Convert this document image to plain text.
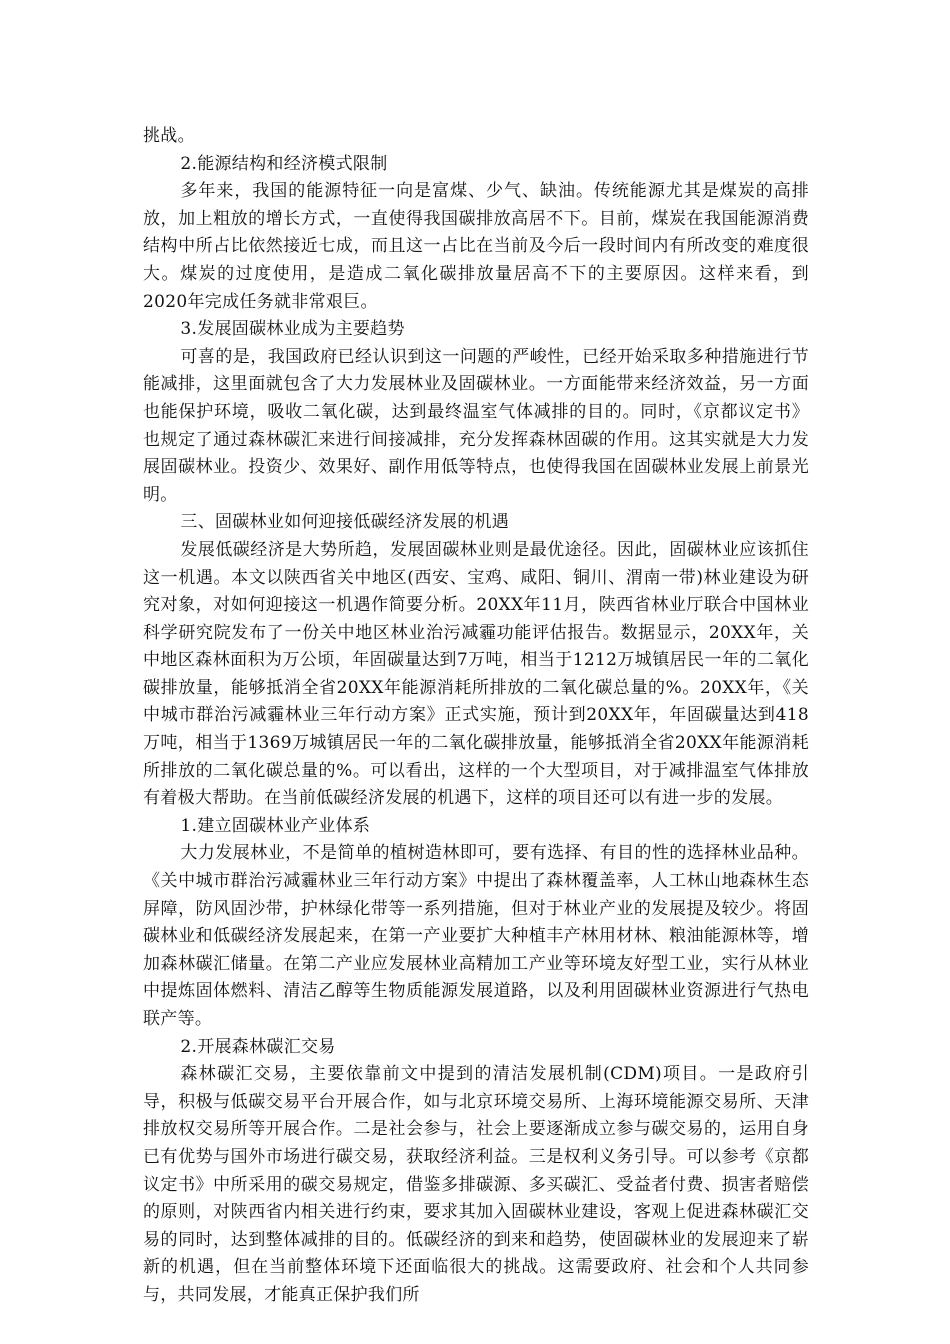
挑战。

2.能源结构和经济模式限制

多年来，我国的能源特征一向是富煤、少气、缺油。传统能源尤其是煤炭的高排放，加上粗放的增长方式，一直使得我国碳排放高居不下。目前，煤炭在我国能源消费结构中所占比依然接近七成，而且这一占比在当前及今后一段时间内有所改变的难度很大。煤炭的过度使用，是造成二氧化碳排放量居高不下的主要原因。这样来看，到2020年完成任务就非常艰巨。

3.发展固碳林业成为主要趋势

可喜的是，我国政府已经认识到这一问题的严峻性，已经开始采取多种措施进行节能减排，这里面就包含了大力发展林业及固碳林业。一方面能带来经济效益，另一方面也能保护环境，吸收二氧化碳，达到最终温室气体减排的目的。同时，《京都议定书》也规定了通过森林碳汇来进行间接减排，充分发挥森林固碳的作用。这其实就是大力发展固碳林业。投资少、效果好、副作用低等特点，也使得我国在固碳林业发展上前景光明。

三、固碳林业如何迎接低碳经济发展的机遇

发展低碳经济是大势所趋，发展固碳林业则是最优途径。因此，固碳林业应该抓住这一机遇。本文以陕西省关中地区(西安、宝鸡、咸阳、铜川、渭南一带)林业建设为研究对象，对如何迎接这一机遇作简要分析。20XX年11月，陕西省林业厅联合中国林业科学研究院发布了一份关中地区林业治污减霾功能评估报告。数据显示，20XX年，关中地区森林面积为万公顷，年固碳量达到7万吨，相当于1212万城镇居民一年的二氧化碳排放量，能够抵消全省20XX年能源消耗所排放的二氧化碳总量的%。20XX年，《关中城市群治污减霾林业三年行动方案》正式实施，预计到20XX年，年固碳量达到418万吨，相当于1369万城镇居民一年的二氧化碳排放量，能够抵消全省20XX年能源消耗所排放的二氧化碳总量的%。可以看出，这样的一个大型项目，对于减排温室气体排放有着极大帮助。在当前低碳经济发展的机遇下，这样的项目还可以有进一步的发展。

1.建立固碳林业产业体系

大力发展林业，不是简单的植树造林即可，要有选择、有目的性的选择林业品种。《关中城市群治污减霾林业三年行动方案》中提出了森林覆盖率，人工林山地森林生态屏障，防风固沙带，护林绿化带等一系列措施，但对于林业产业的发展提及较少。将固碳林业和低碳经济发展起来，在第一产业要扩大种植丰产林用材林、粮油能源林等，增加森林碳汇储量。在第二产业应发展林业高精加工产业等环境友好型工业，实行从林业中提炼固体燃料、清洁乙醇等生物质能源发展道路，以及利用固碳林业资源进行气热电联产等。

2.开展森林碳汇交易

森林碳汇交易，主要依靠前文中提到的清洁发展机制(CDM)项目。一是政府引导，积极与低碳交易平台开展合作，如与北京环境交易所、上海环境能源交易所、天津排放权交易所等开展合作。二是社会参与，社会上要逐渐成立参与碳交易的，运用自身已有优势与国外市场进行碳交易，获取经济利益。三是权利义务引导。可以参考《京都议定书》中所采用的碳交易规定，借鉴多排碳源、多买碳汇、受益者付费、损害者赔偿的原则，对陕西省内相关进行约束，要求其加入固碳林业建设，客观上促进森林碳汇交易的同时，达到整体减排的目的。低碳经济的到来和趋势，使固碳林业的发展迎来了崭新的机遇，但在当前整体环境下还面临很大的挑战。这需要政府、社会和个人共同参与，共同发展，才能真正保护我们所
